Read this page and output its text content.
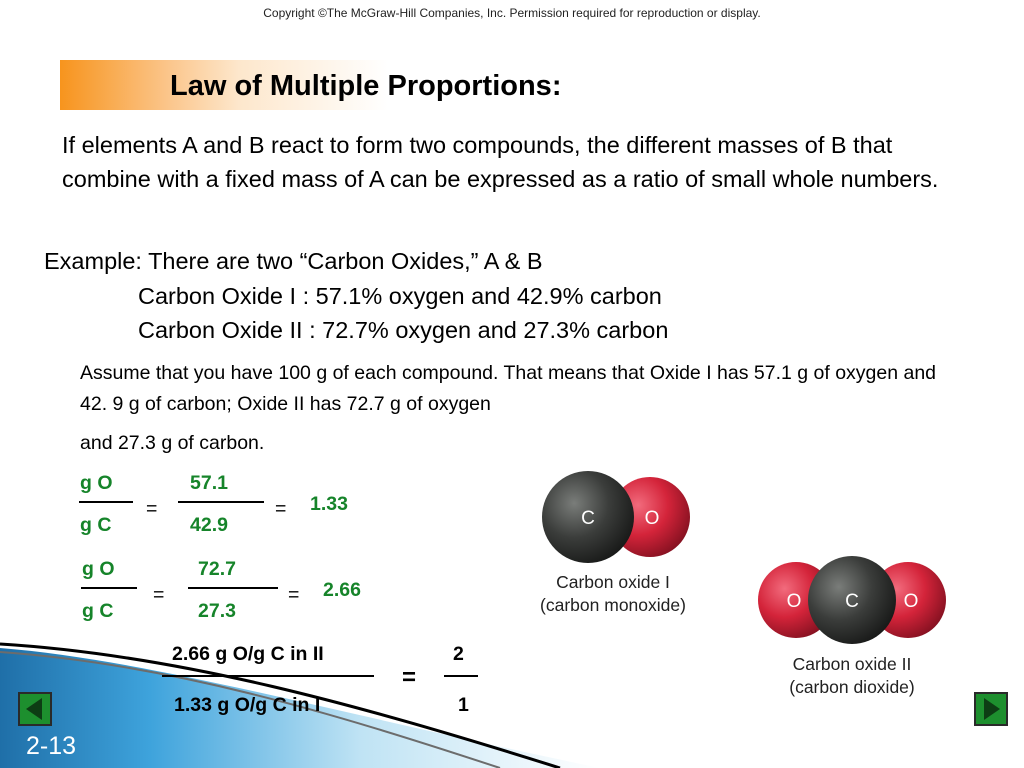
Copyright ©The McGraw-Hill Companies, Inc. Permission required for reproduction or display.
Law of Multiple Proportions:
If elements A and B react to form two compounds, the different masses of B that combine with a fixed mass of A can be expressed as a ratio of small whole numbers.
Example: There are two “Carbon Oxides,” A & B
Carbon Oxide I : 57.1% oxygen and 42.9% carbon
Carbon Oxide II : 72.7% oxygen and 27.3% carbon
Assume that you have 100 g of each compound. That means that Oxide I has 57.1 g of oxygen and 42. 9 g of carbon; Oxide II has 72.7 g of oxygen
and 27.3 g of carbon.
g O
g C
=
57.1
42.9
= 1.33
g O
g C
=
72.7
27.3
= 2.66
2.66 g O/g C in II
1.33 g O/g C in I
=
2
1
C	O
Carbon oxide I
(carbon monoxide)	O C O
Carbon oxide II
(carbon dioxide)
2-13
